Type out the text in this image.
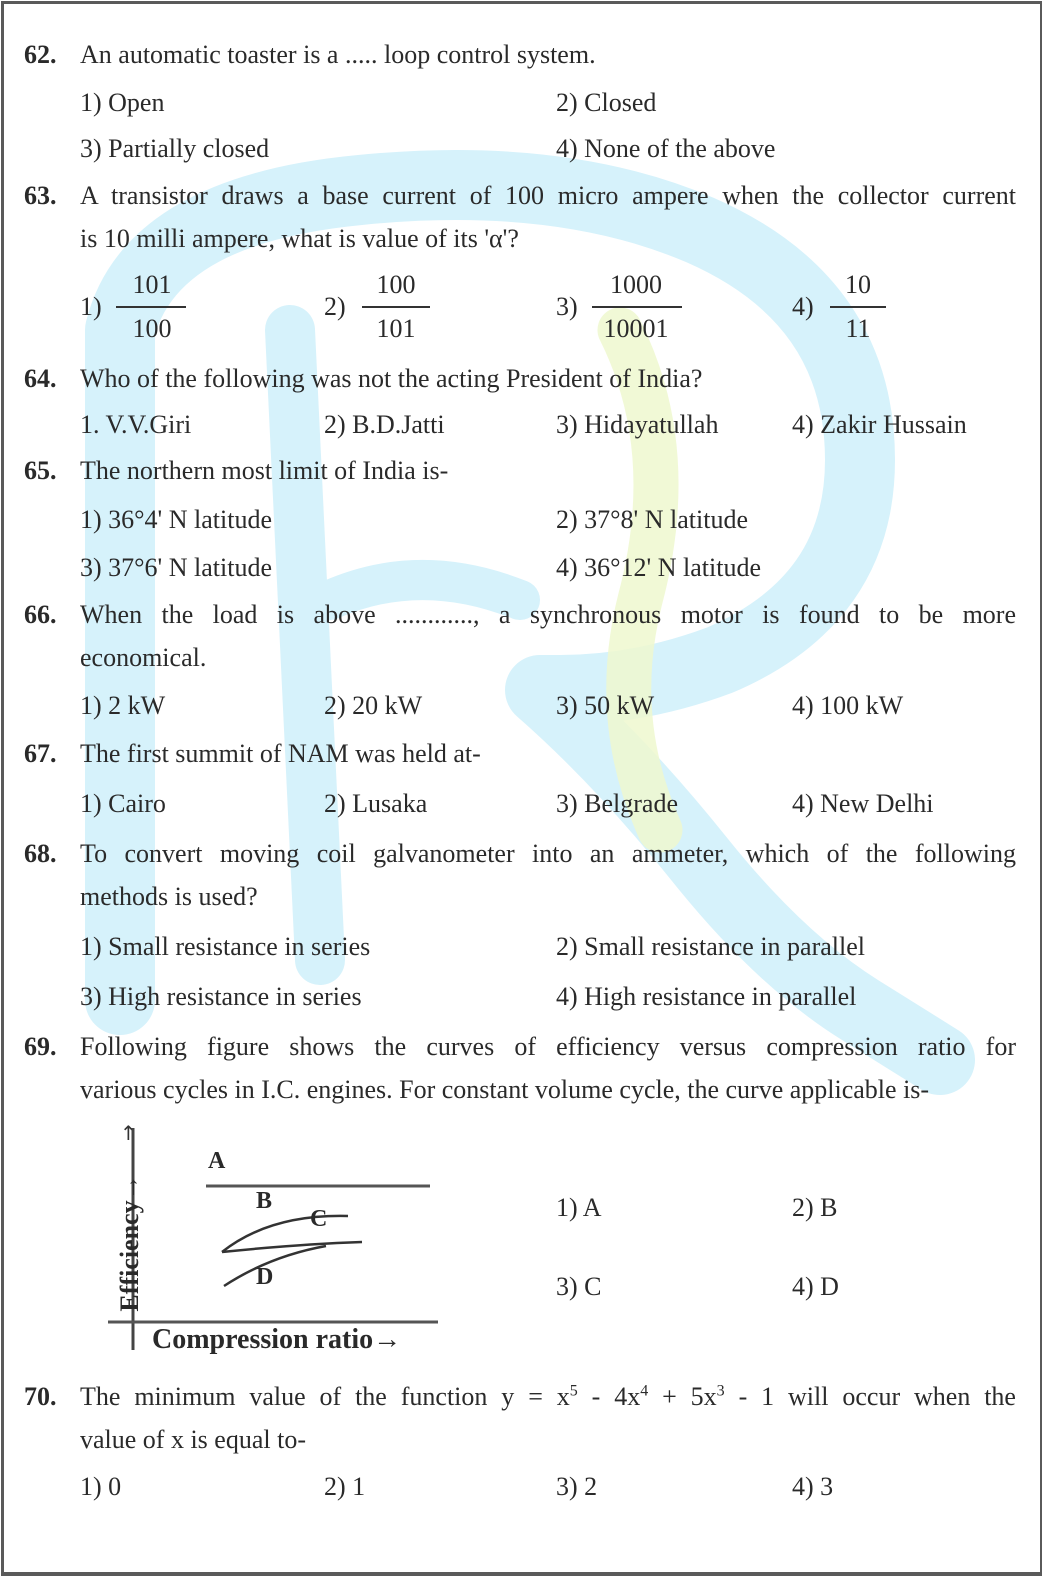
62. An automatic toaster is a ..... loop control system.
1) Open	2) Closed
3) Partially closed	4) None of the above
63. A transistor draws a base current of 100 micro ampere when the collector current
is 10 milli ampere, what is value of its 'α'?
1)
101
100
2)
100
101
3)
1000
10001
4)
10
11
64. Who of the following was not the acting President of India?
1. V.V.Giri	2) B.D.Jatti	3) Hidayatullah	4) Zakir Hussain
65. The northern most limit of India is-
1) 36°4' N latitude	2) 37°8' N latitude
3) 37°6' N latitude	4) 36°12' N latitude
66. When the load is above ............, a synchronous motor is found to be more
economical.
1) 2 kW	2) 20 kW	3) 50 kW	4) 100 kW
67. The first summit of NAM was held at-
1) Cairo	2) Lusaka	3) Belgrade	4) New Delhi
68. To convert moving coil galvanometer into an ammeter, which of the following
methods is used?
1) Small resistance in series	2) Small resistance in parallel
3) High resistance in series	4) High resistance in parallel
69. Following figure shows the curves of efficiency versus compression ratio for
various cycles in I.C. engines. For constant volume cycle, the curve applicable is-
↑
A
B
C
D
Efficiency→
Compression ratio→
1) A	2) B
3) C	4) D
70. The minimum value of the function $y = x^5 - 4x^4 + 5x^3 - 1$ will occur when the
value of x is equal to-
1) 0	2) 1	3) 2	4) 3
